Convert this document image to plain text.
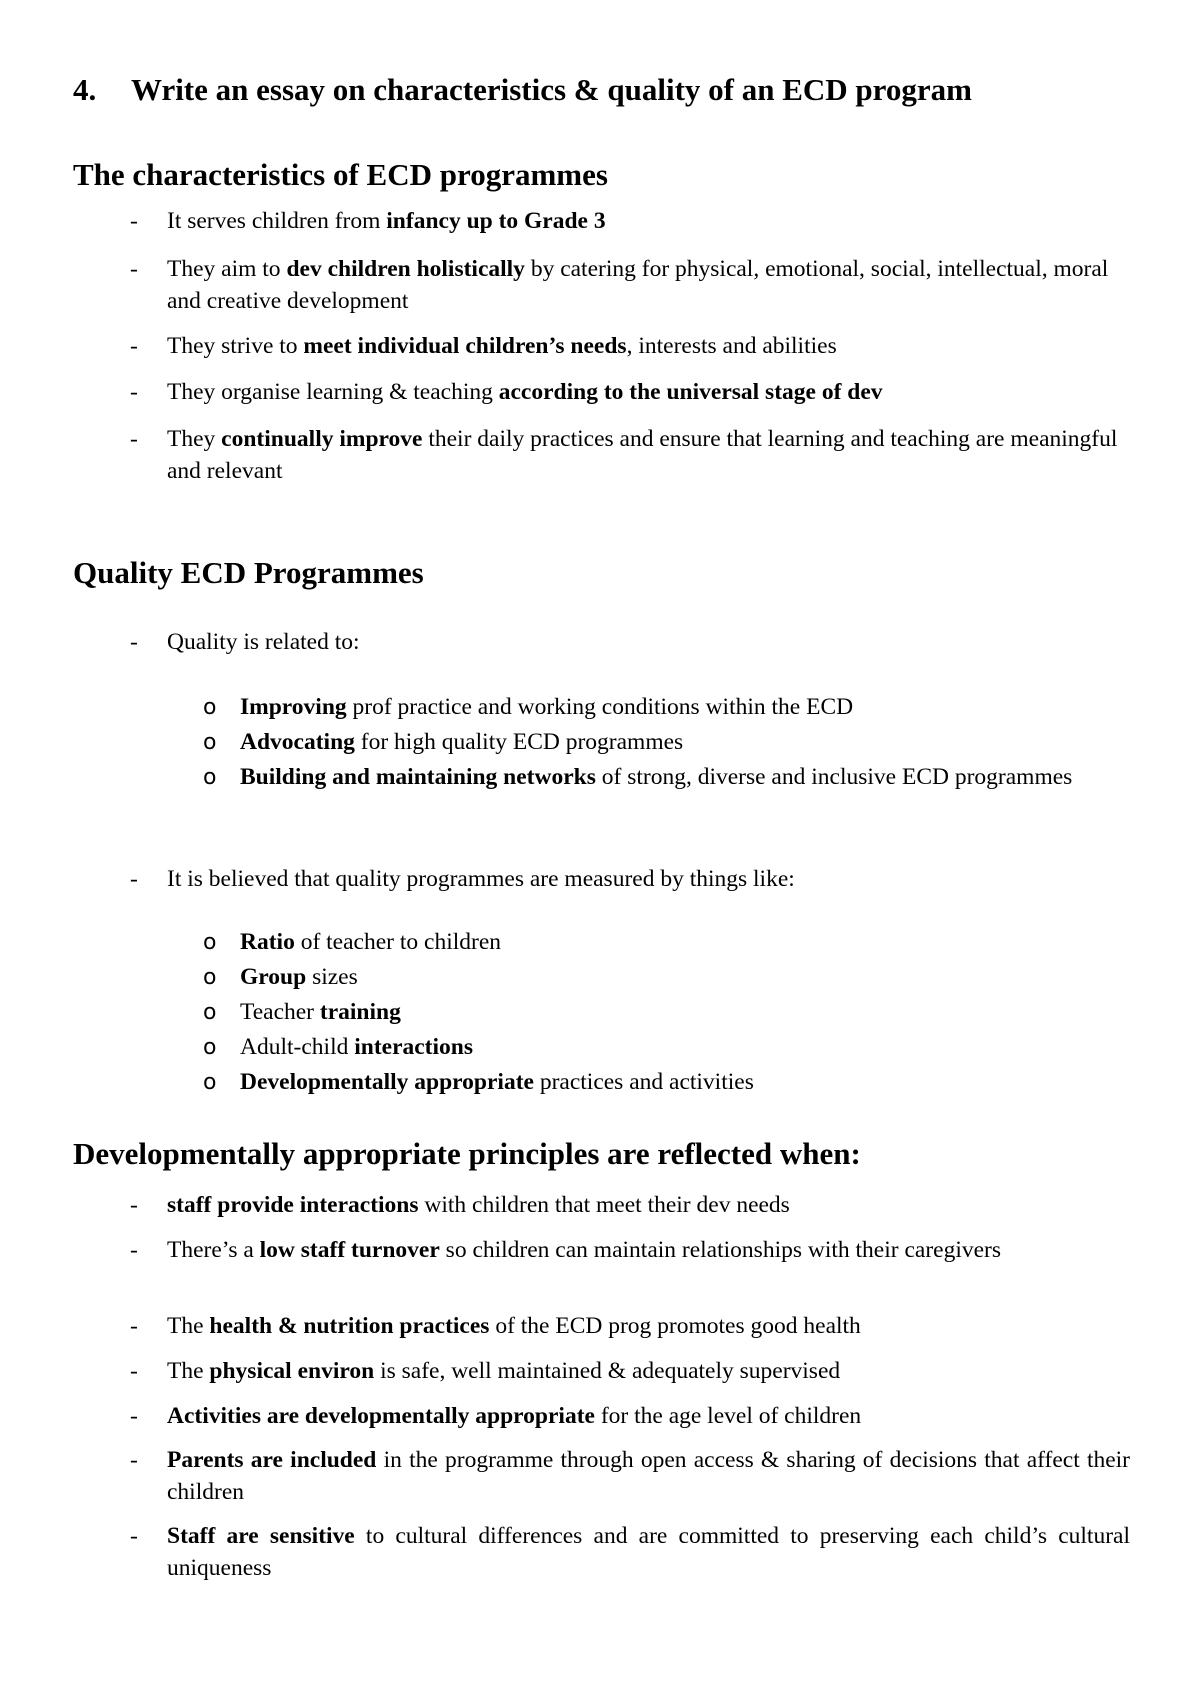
4. Write an essay on characteristics & quality of an ECD program
The characteristics of ECD programmes
- It serves children from infancy up to Grade 3
- They aim to dev children holistically by catering for physical, emotional, social, intellectual, moral and creative development
- They strive to meet individual children’s needs, interests and abilities
- They organise learning & teaching according to the universal stage of dev
- They continually improve their daily practices and ensure that learning and teaching are meaningful and relevant
Quality ECD Programmes
- Quality is related to:
o Improving prof practice and working conditions within the ECD
o Advocating for high quality ECD programmes
o Building and maintaining networks of strong, diverse and inclusive ECD programmes
- It is believed that quality programmes are measured by things like:
o Ratio of teacher to children
o Group sizes
o Teacher training
o Adult-child interactions
o Developmentally appropriate practices and activities
Developmentally appropriate principles are reflected when:
- staff provide interactions with children that meet their dev needs
- There’s a low staff turnover so children can maintain relationships with their caregivers
- The health & nutrition practices of the ECD prog promotes good health
- The physical environ is safe, well maintained & adequately supervised
- Activities are developmentally appropriate for the age level of children
- Parents are included in the programme through open access & sharing of decisions that affect their children
- Staff are sensitive to cultural differences and are committed to preserving each child’s cultural uniqueness
